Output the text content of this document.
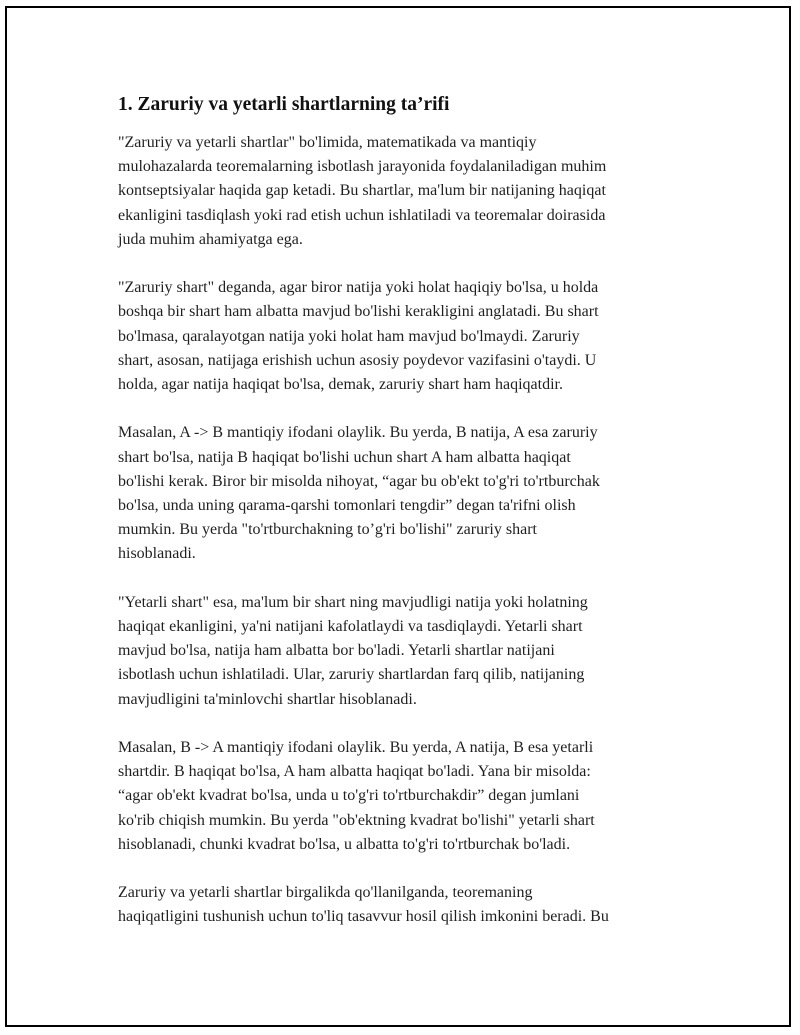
1. Zaruriy va yetarli shartlarning ta’rifi

"Zaruriy va yetarli shartlar" bo'limida, matematikada va mantiqiy
mulohazalarda teoremalarning isbotlash jarayonida foydalaniladigan muhim
kontseptsiyalar haqida gap ketadi. Bu shartlar, ma'lum bir natijaning haqiqat
ekanligini tasdiqlash yoki rad etish uchun ishlatiladi va teoremalar doirasida
juda muhim ahamiyatga ega.

"Zaruriy shart" deganda, agar biror natija yoki holat haqiqiy bo'lsa, u holda
boshqa bir shart ham albatta mavjud bo'lishi kerakligini anglatadi. Bu shart
bo'lmasa, qaralayotgan natija yoki holat ham mavjud bo'lmaydi. Zaruriy
shart, asosan, natijaga erishish uchun asosiy poydevor vazifasini o'taydi. U
holda, agar natija haqiqat bo'lsa, demak, zaruriy shart ham haqiqatdir.

Masalan, A -> B mantiqiy ifodani olaylik. Bu yerda, B natija, A esa zaruriy
shart bo'lsa, natija B haqiqat bo'lishi uchun shart A ham albatta haqiqat
bo'lishi kerak. Biror bir misolda nihoyat, “agar bu ob'ekt to'g'ri to'rtburchak
bo'lsa, unda uning qarama-qarshi tomonlari tengdir” degan ta'rifni olish
mumkin. Bu yerda "to'rtburchakning to’g'ri bo'lishi" zaruriy shart
hisoblanadi.

"Yetarli shart" esa, ma'lum bir shart ning mavjudligi natija yoki holatning
haqiqat ekanligini, ya'ni natijani kafolatlaydi va tasdiqlaydi. Yetarli shart
mavjud bo'lsa, natija ham albatta bor bo'ladi. Yetarli shartlar natijani
isbotlash uchun ishlatiladi. Ular, zaruriy shartlardan farq qilib, natijaning
mavjudligini ta'minlovchi shartlar hisoblanadi.

Masalan, B -> A mantiqiy ifodani olaylik. Bu yerda, A natija, B esa yetarli
shartdir. B haqiqat bo'lsa, A ham albatta haqiqat bo'ladi. Yana bir misolda:
“agar ob'ekt kvadrat bo'lsa, unda u to'g'ri to'rtburchakdir” degan jumlani
ko'rib chiqish mumkin. Bu yerda "ob'ektning kvadrat bo'lishi" yetarli shart
hisoblanadi, chunki kvadrat bo'lsa, u albatta to'g'ri to'rtburchak bo'ladi.

Zaruriy va yetarli shartlar birgalikda qo'llanilganda, teoremaning
haqiqatligini tushunish uchun to'liq tasavvur hosil qilish imkonini beradi. Bu
